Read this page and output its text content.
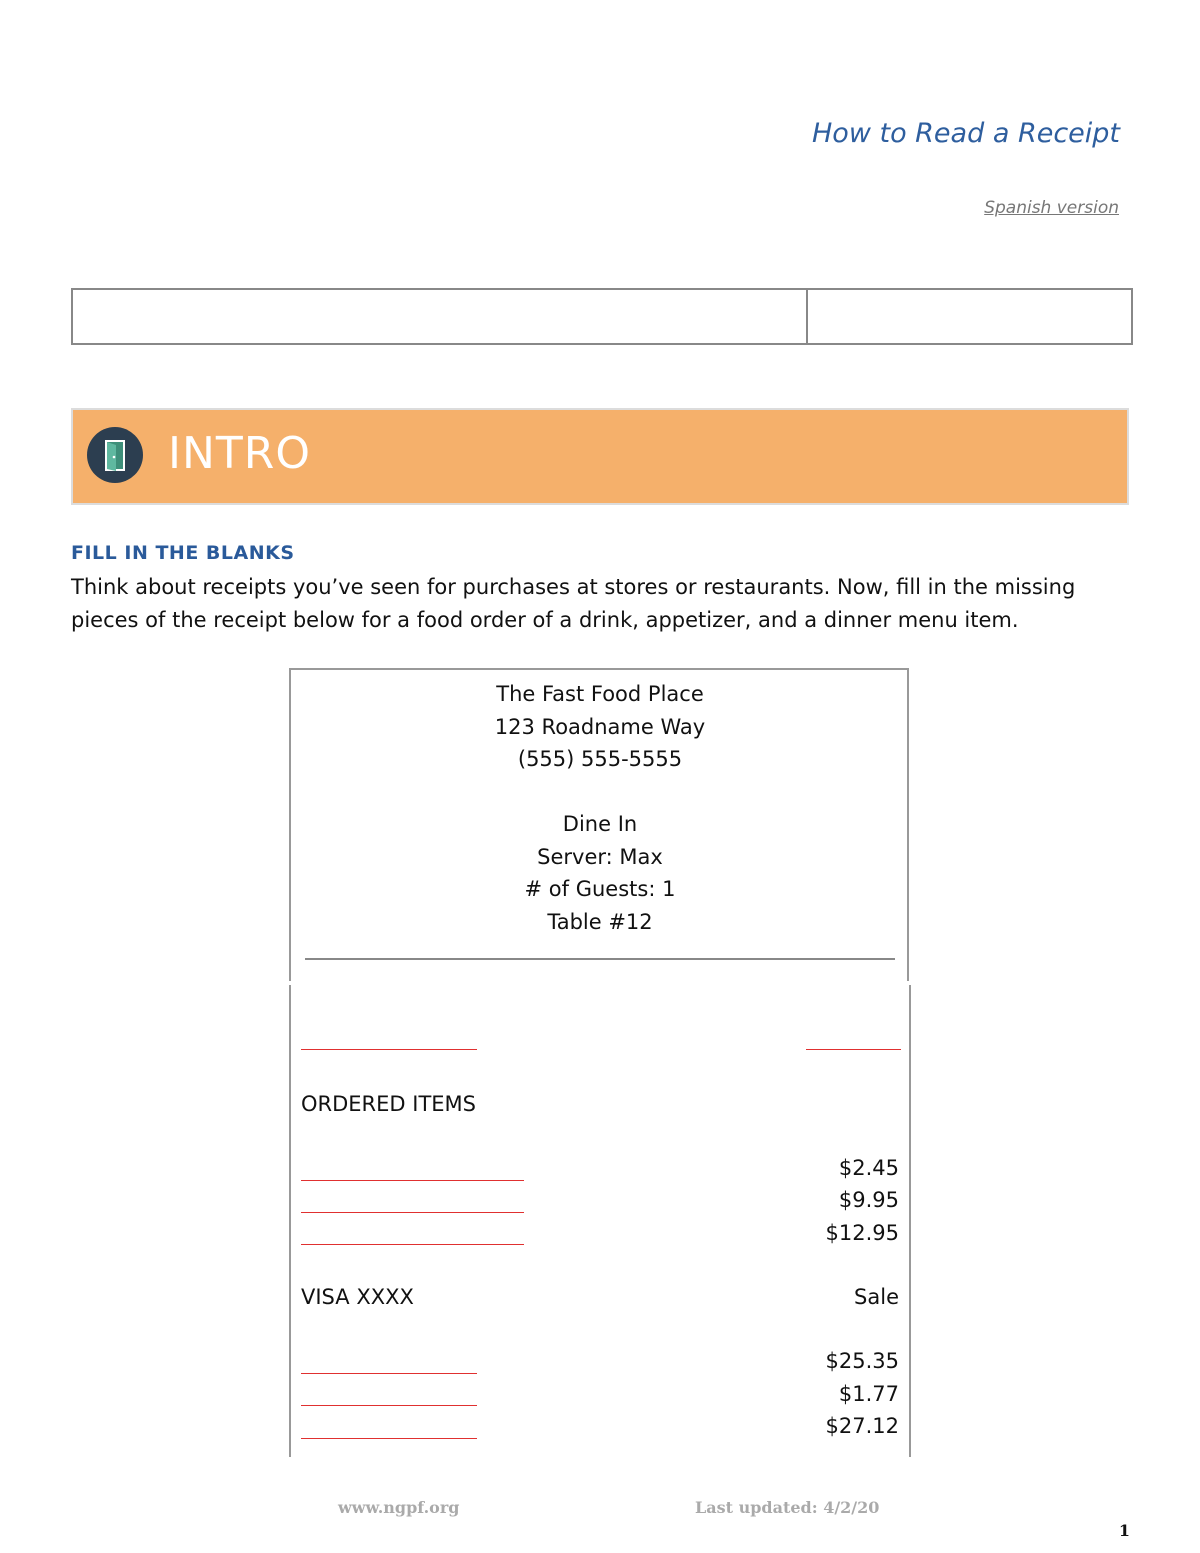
How to Read a Receipt
Spanish version
INTRO
FILL IN THE BLANKS
Think about receipts you’ve seen for purchases at stores or restaurants. Now, fill in the missing pieces of the receipt below for a food order of a drink, appetizer, and a dinner menu item.
The Fast Food Place
123 Roadname Way
(555) 555-5555
Dine In
Server: Max
# of Guests: 1
Table #12
ORDERED ITEMS
$2.45
$9.95
$12.95
VISA XXXX	Sale
$25.35
$1.77
$27.12
www.ngpf.org	Last updated: 4/2/20
1
